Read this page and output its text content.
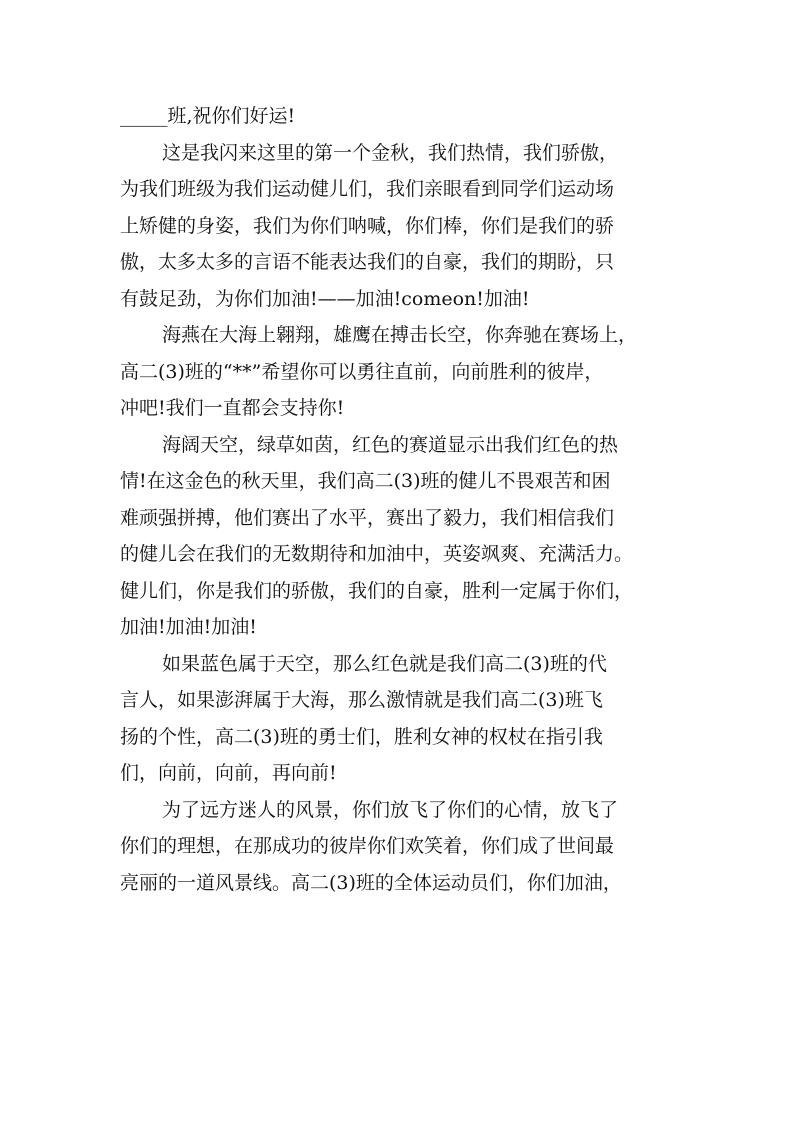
_____班,祝你们好运!
这是我闪来这里的第一个金秋，我们热情，我们骄傲，
为我们班级为我们运动健儿们，我们亲眼看到同学们运动场
上矫健的身姿，我们为你们呐喊，你们棒，你们是我们的骄
傲，太多太多的言语不能表达我们的自豪，我们的期盼，只
有鼓足劲，为你们加油!——加油!comeon!加油!
海燕在大海上翱翔，雄鹰在搏击长空，你奔驰在赛场上，
高二(3)班的“**”希望你可以勇往直前，向前胜利的彼岸，
冲吧!我们一直都会支持你!
海阔天空，绿草如茵，红色的赛道显示出我们红色的热
情!在这金色的秋天里，我们高二(3)班的健儿不畏艰苦和困
难顽强拼搏，他们赛出了水平，赛出了毅力，我们相信我们
的健儿会在我们的无数期待和加油中，英姿飒爽、充满活力。
健儿们，你是我们的骄傲，我们的自豪，胜利一定属于你们，
加油!加油!加油!
如果蓝色属于天空，那么红色就是我们高二(3)班的代
言人，如果澎湃属于大海，那么激情就是我们高二(3)班飞
扬的个性，高二(3)班的勇士们，胜利女神的权杖在指引我
们，向前，向前，再向前!
为了远方迷人的风景，你们放飞了你们的心情，放飞了
你们的理想，在那成功的彼岸你们欢笑着，你们成了世间最
亮丽的一道风景线。高二(3)班的全体运动员们，你们加油，
